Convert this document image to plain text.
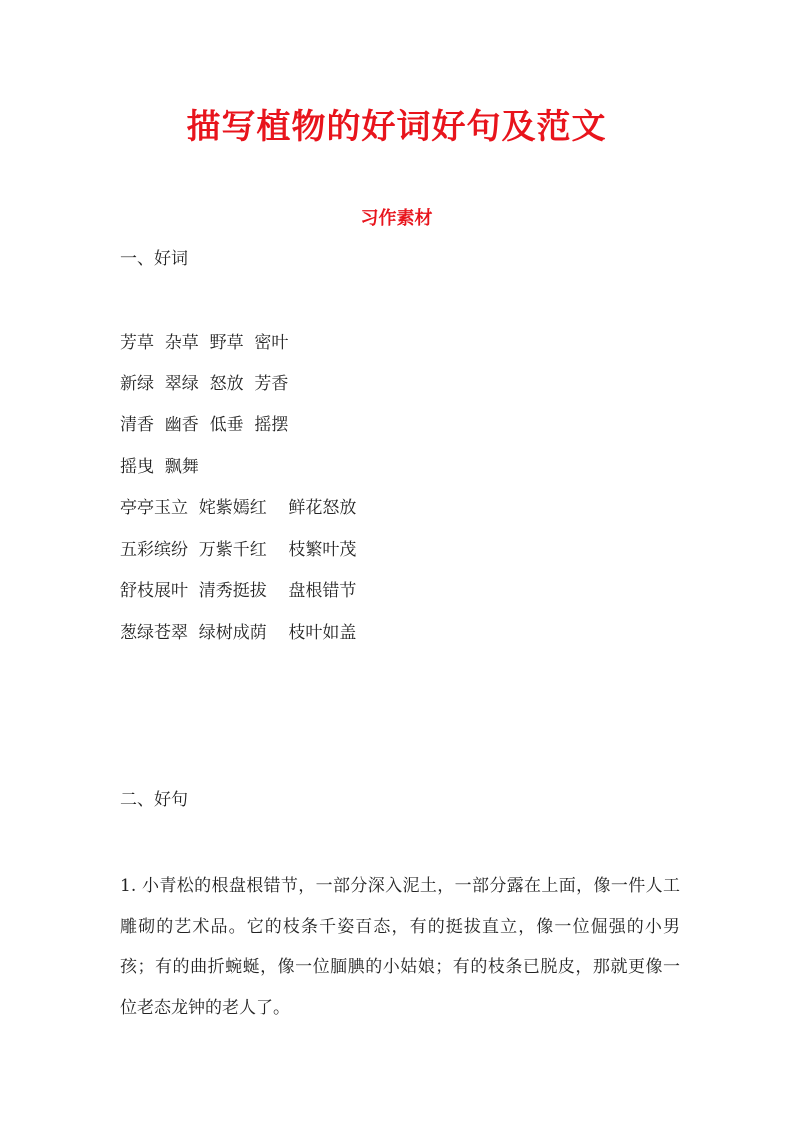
描写植物的好词好句及范文
习作素材
一、好词
芳草  杂草  野草  密叶
新绿  翠绿  怒放  芳香
清香  幽香  低垂  摇摆
摇曳  飘舞
亭亭玉立  姹紫嫣红    鲜花怒放
五彩缤纷  万紫千红    枝繁叶茂
舒枝展叶  清秀挺拔    盘根错节
葱绿苍翠  绿树成荫    枝叶如盖
二、好句

1. 小青松的根盘根错节，一部分深入泥土，一部分露在上面，像一件人工雕砌的艺术品。它的枝条千姿百态，有的挺拔直立，像一位倔强的小男孩；有的曲折蜿蜒，像一位腼腆的小姑娘；有的枝条已脱皮，那就更像一位老态龙钟的老人了。
